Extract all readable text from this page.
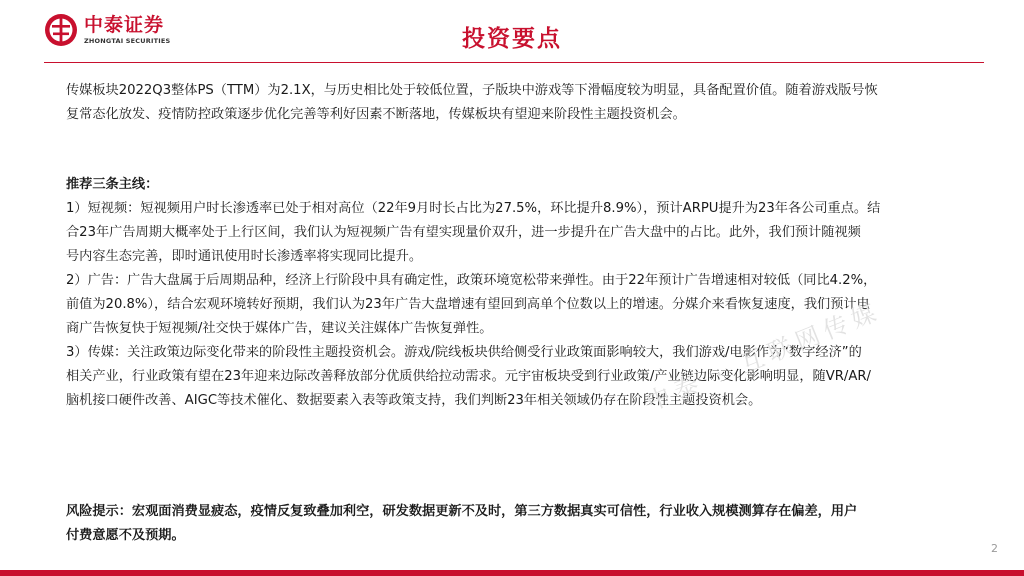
中泰证券
ZHONGTAI SECURITIES	投资要点
传媒板块2022Q3整体PS（TTM）为2.1X，与历史相比处于较低位置，子版块中游戏等下滑幅度较为明显，具备配置价值。随着游戏版号恢
复常态化放发、疫情防控政策逐步优化完善等利好因素不断落地，传媒板块有望迎来阶段性主题投资机会。
推荐三条主线：
1）短视频：短视频用户时长渗透率已处于相对高位（22年9月时长占比为27.5%，环比提升8.9%），预计ARPU提升为23年各公司重点。结
合23年广告周期大概率处于上行区间，我们认为短视频广告有望实现量价双升，进一步提升在广告大盘中的占比。此外，我们预计随视频
号内容生态完善，即时通讯使用时长渗透率将实现同比提升。
2）广告：广告大盘属于后周期品种，经济上行阶段中具有确定性，政策环境宽松带来弹性。由于22年预计广告增速相对较低（同比4.2%，
前值为20.8%），结合宏观环境转好预期，我们认为23年广告大盘增速有望回到高单个位数以上的增速。分媒介来看恢复速度，我们预计电
商广告恢复快于短视频/社交快于媒体广告，建议关注媒体广告恢复弹性。
3）传媒：关注政策边际变化带来的阶段性主题投资机会。游戏/院线板块供给侧受行业政策面影响较大，我们游戏/电影作为“数字经济”的
相关产业，行业政策有望在23年迎来边际改善释放部分优质供给拉动需求。元宇宙板块受到行业政策/产业链边际变化影响明显，随VR/AR/
脑机接口硬件改善、AIGC等技术催化、数据要素入表等政策支持，我们判断23年相关领域仍存在阶段性主题投资机会。
中泰 · 互联网传媒
风险提示：宏观面消费显疲态，疫情反复致叠加利空，研发数据更新不及时，第三方数据真实可信性，行业收入规模测算存在偏差，用户
付费意愿不及预期。
2
